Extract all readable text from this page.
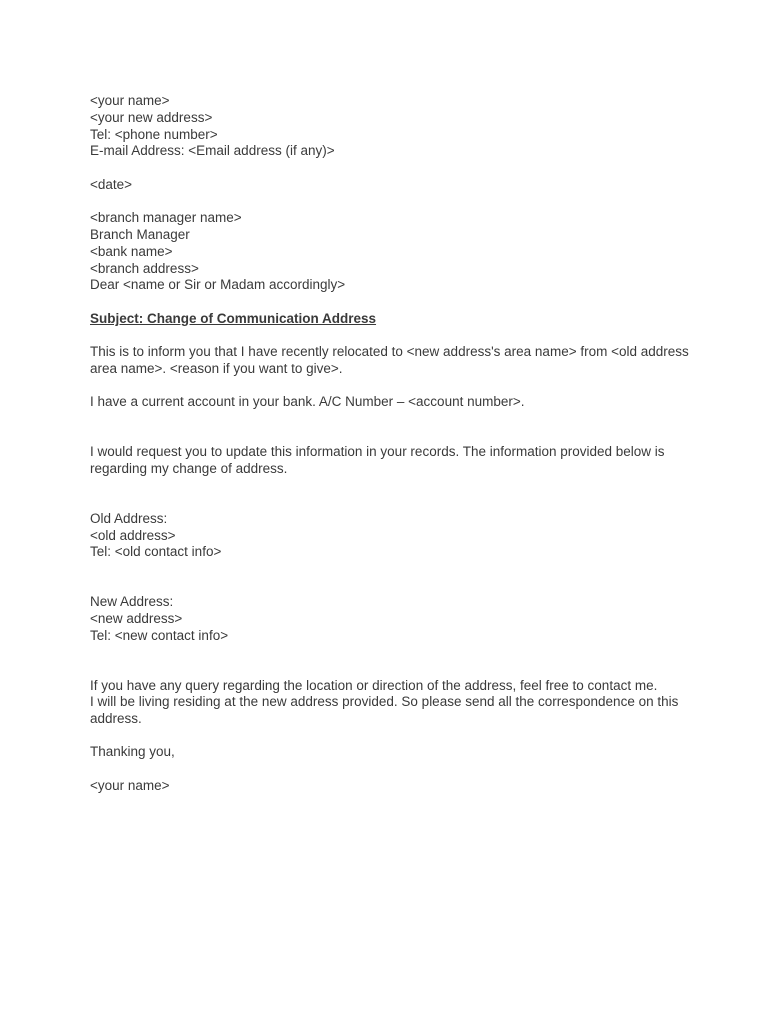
<your name>
<your new address>
Tel: <phone number>
E-mail Address: <Email address (if any)>
<date>
<branch manager name>
Branch Manager
<bank name>
<branch address>
Dear <name or Sir or Madam accordingly>
Subject: Change of Communication Address
This is to inform you that I have recently relocated to <new address's area name> from <old address area name>. <reason if you want to give>.
I have a current account in your bank. A/C Number – <account number>.
I would request you to update this information in your records. The information provided below is regarding my change of address.
Old Address:
<old address>
Tel: <old contact info>
New Address:
<new address>
Tel: <new contact info>
If you have any query regarding the location or direction of the address, feel free to contact me.
I will be living residing at the new address provided. So please send all the correspondence on this address.
Thanking you,
<your name>
